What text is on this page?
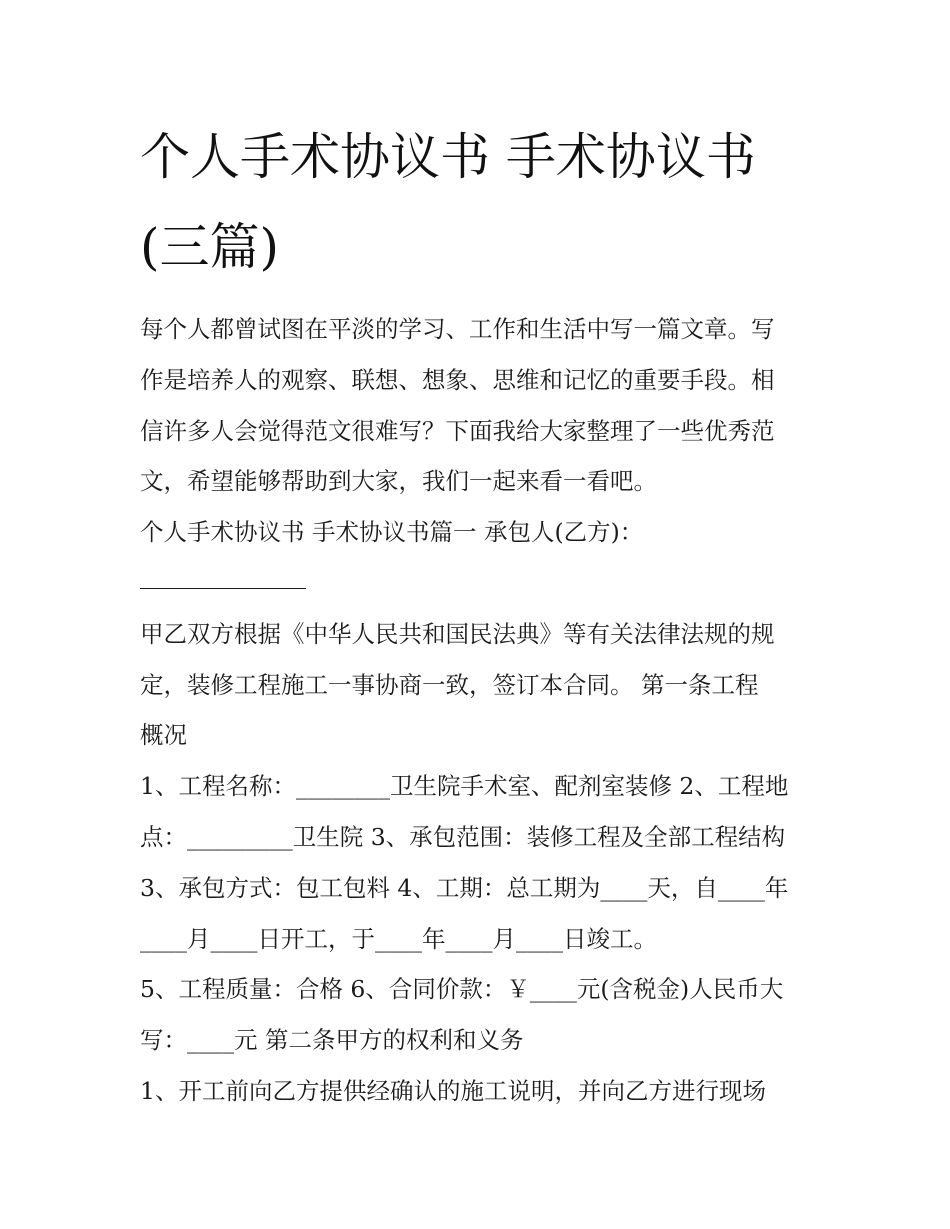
个人手术协议书 手术协议书
(三篇)
每个人都曾试图在平淡的学习、工作和生活中写一篇文章。写
作是培养人的观察、联想、想象、思维和记忆的重要手段。相
信许多人会觉得范文很难写？下面我给大家整理了一些优秀范
文，希望能够帮助到大家，我们一起来看一看吧。
个人手术协议书 手术协议书篇一 承包人(乙方)：
甲乙双方根据《中华人民共和国民法典》等有关法律法规的规
定，装修工程施工一事协商一致，签订本合同。 第一条工程
概况
1、工程名称：________卫生院手术室、配剂室装修 2、工程地
点：_________卫生院 3、承包范围：装修工程及全部工程结构
3、承包方式：包工包料 4、工期：总工期为____天，自____年
____月____日开工，于____年____月____日竣工。
5、工程质量：合格 6、合同价款：￥____元(含税金)人民币大
写：____元 第二条甲方的权利和义务
1、开工前向乙方提供经确认的施工说明，并向乙方进行现场
